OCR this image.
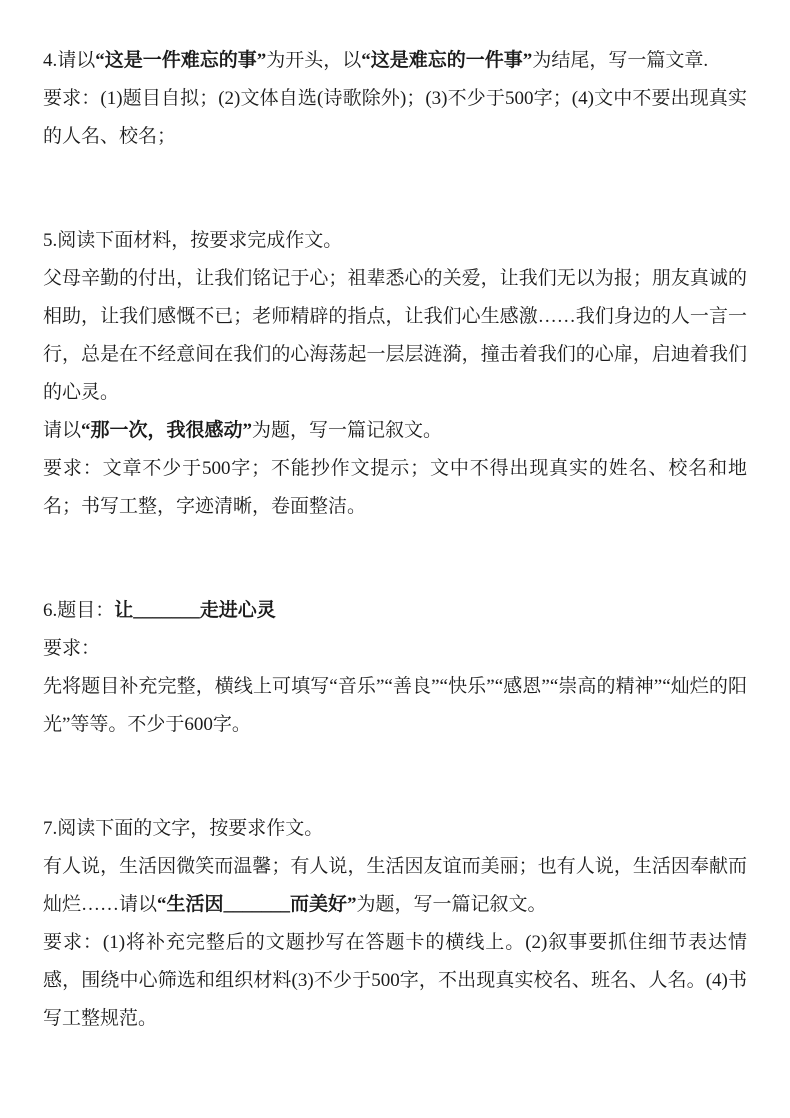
4.请以“这是一件难忘的事”为开头，以“这是难忘的一件事”为结尾，写一篇文章.

要求：(1)题目自拟；(2)文体自选(诗歌除外)；(3)不少于500字；(4)文中不要出现真实的人名、校名；

5.阅读下面材料，按要求完成作文。

父母辛勤的付出，让我们铭记于心；祖辈悉心的关爱，让我们无以为报；朋友真诚的相助，让我们感慨不已；老师精辟的指点，让我们心生感激……我们身边的人一言一行，总是在不经意间在我们的心海荡起一层层涟漪，撞击着我们的心扉，启迪着我们的心灵。

请以“那一次，我很感动”为题，写一篇记叙文。

要求：文章不少于500字；不能抄作文提示；文中不得出现真实的姓名、校名和地名；书写工整，字迹清晰，卷面整洁。

6.题目：让_______走进心灵

要求：

先将题目补充完整，横线上可填写“音乐”“善良”“快乐”“感恩”“崇高的精神”“灿烂的阳光”等等。不少于600字。

7.阅读下面的文字，按要求作文。

有人说，生活因微笑而温馨；有人说，生活因友谊而美丽；也有人说，生活因奉献而灿烂……请以“生活因_______而美好”为题，写一篇记叙文。

要求：(1)将补充完整后的文题抄写在答题卡的横线上。(2)叙事要抓住细节表达情感，围绕中心筛选和组织材料(3)不少于500字，不出现真实校名、班名、人名。(4)书写工整规范。
